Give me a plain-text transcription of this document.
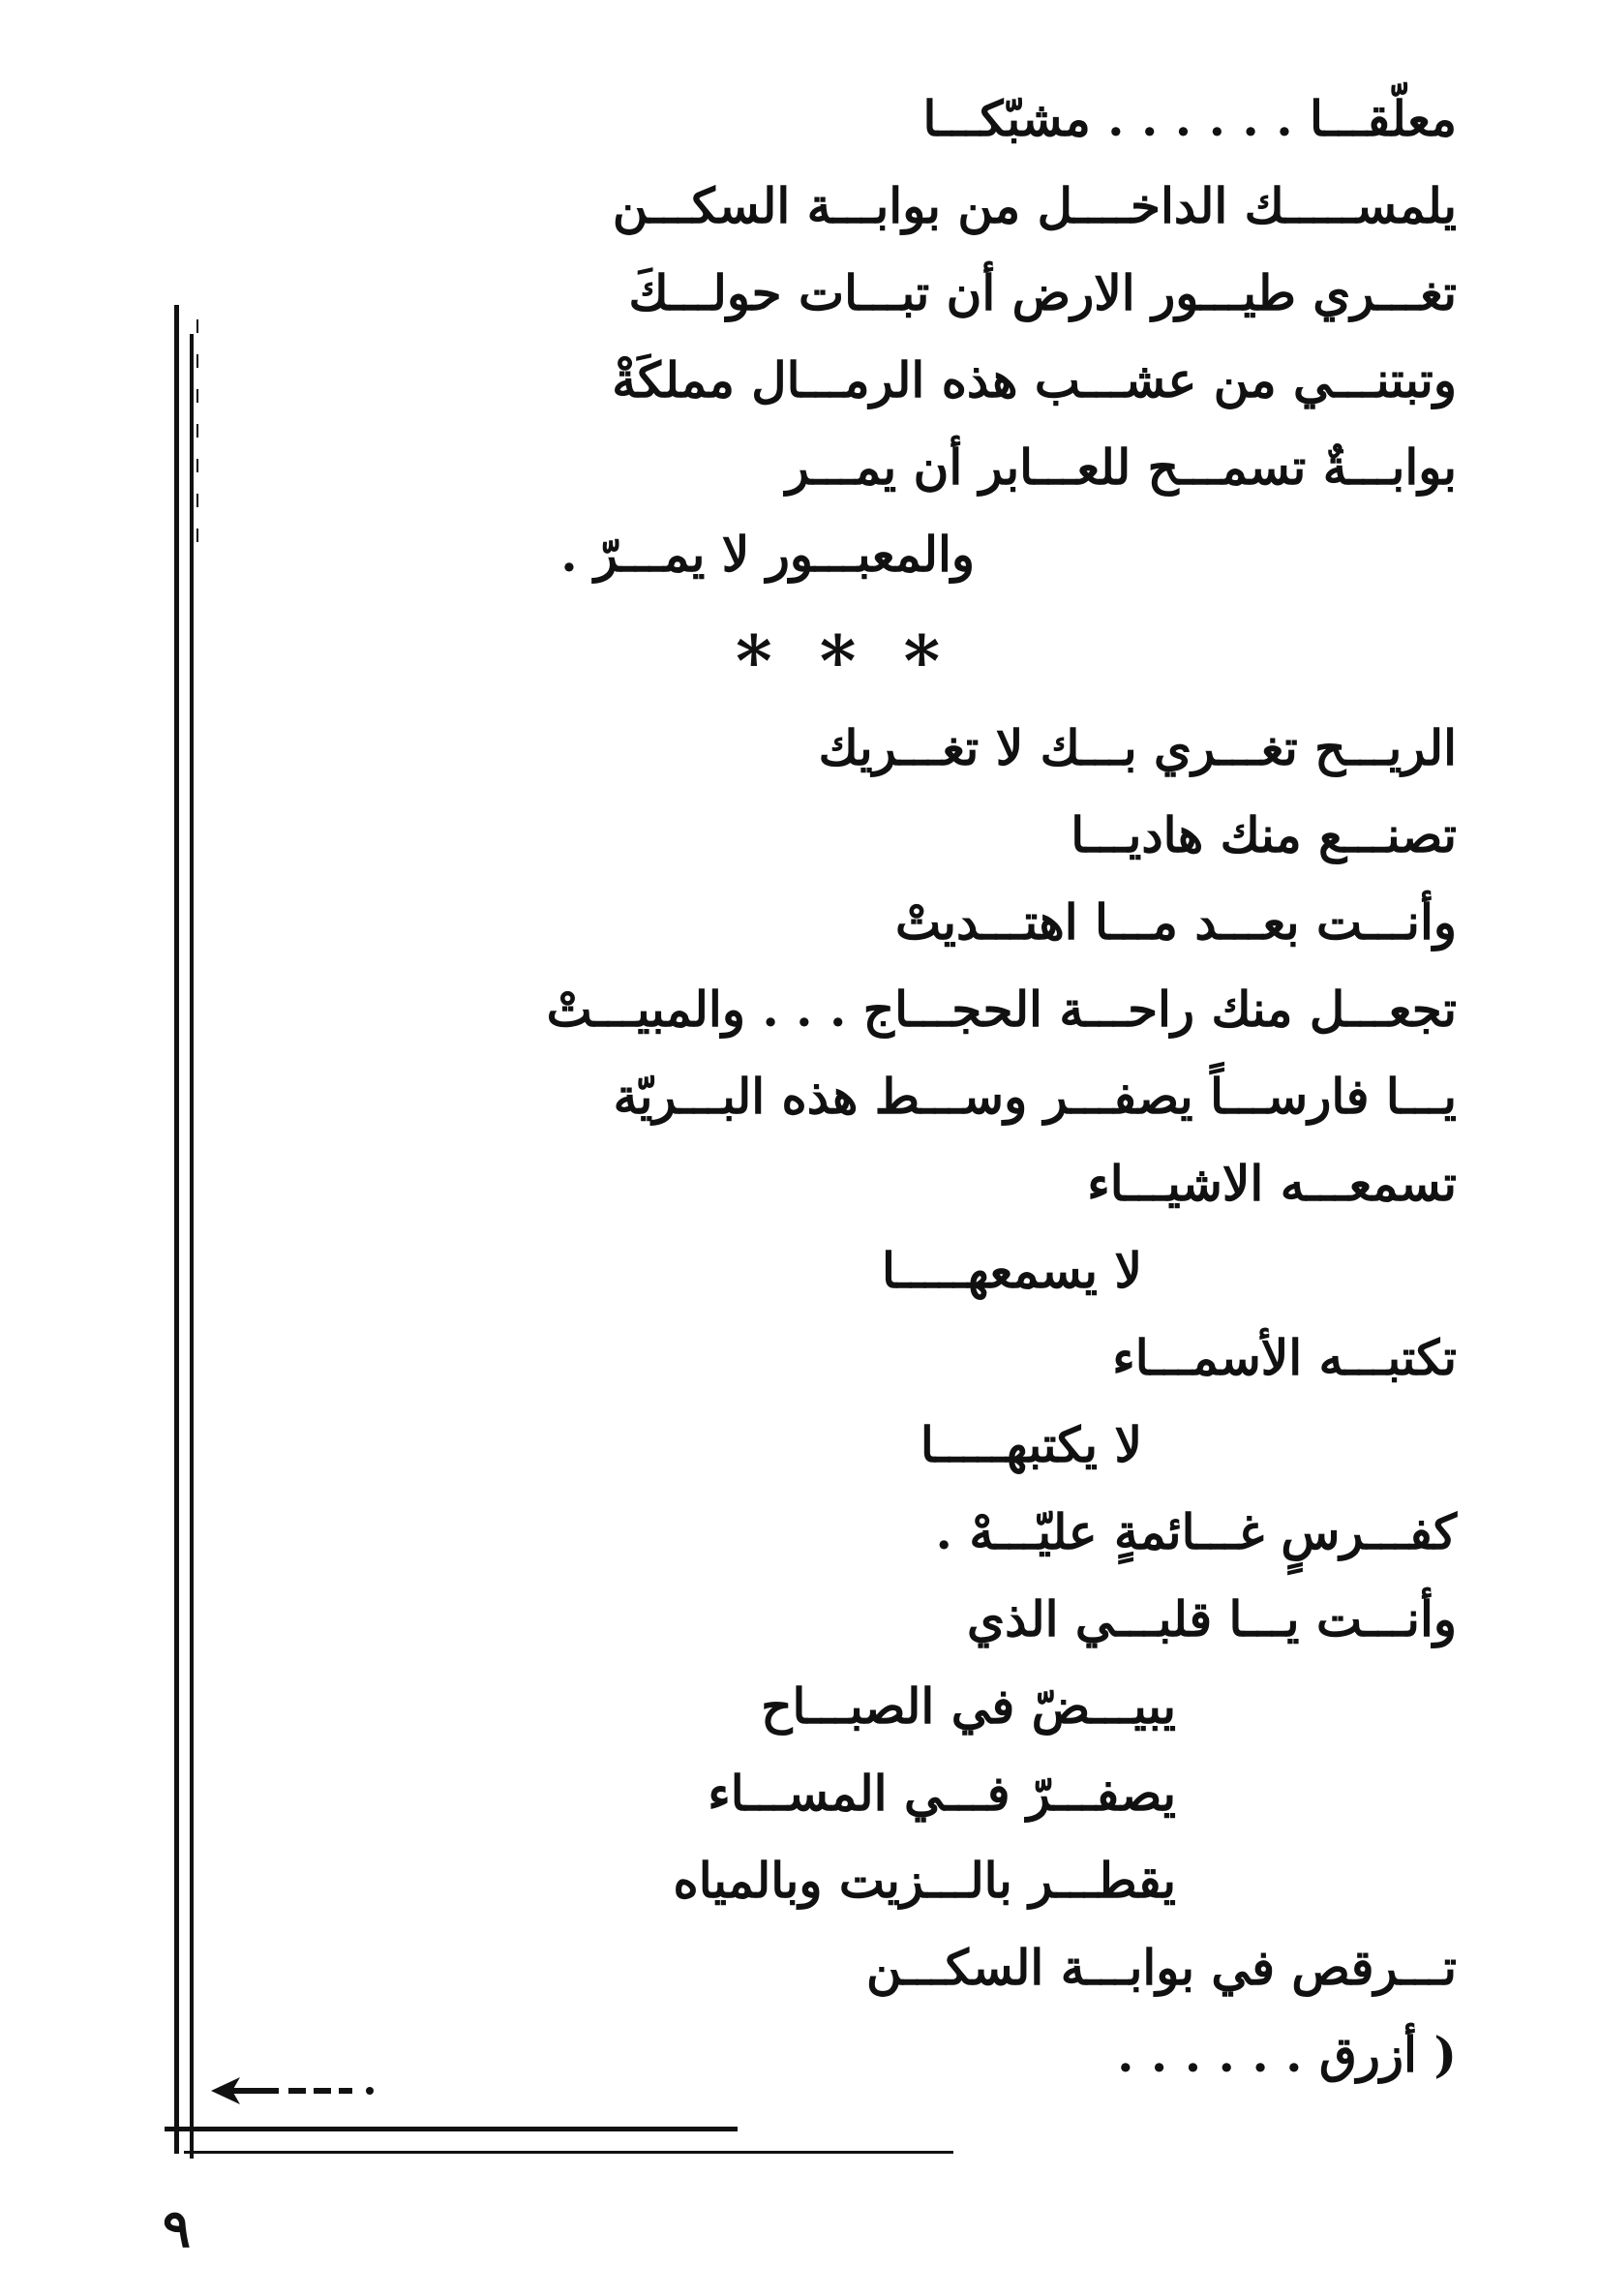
معلّقـــا . . . . . . مشبّكـــا
يلمســـــك الداخــــل من بوابـــة السكـــن
تغـــري طيـــور الارض أن تبـــات حولـــكَ
وتبتنـــي من عشـــب هذه الرمـــال مملكَةْ
بوابـــةٌ تسمـــح للعـــابر أن يمـــر
والمعبـــور لا يمـــرّ .
* * *
الريـــح تغـــري بـــك لا تغـــريك
تصنـــع منك هاديـــا
وأنـــت بعـــد مـــا اهتـــديتْ
تجعـــل منك راحـــة الحجـــاج . . . والمبيـــتْ
يـــا فارســـاً يصفـــر وســـط هذه البـــريّة
تسمعـــه الاشيـــاء
لا يسمعهـــــا
تكتبـــه الأسمـــاء
لا يكتبهـــــا
كفـــرسٍ غـــائمةٍ عليّـــهْ .
وأنـــت يـــا قلبـــي الذي
يبيـــضّ في الصبـــاح
يصفـــرّ فـــي المســـاء
يقطـــر بالـــزيت وبالمياه
تـــرقص في بوابـــة السكـــن
( أزرق . . . . . .
٩
